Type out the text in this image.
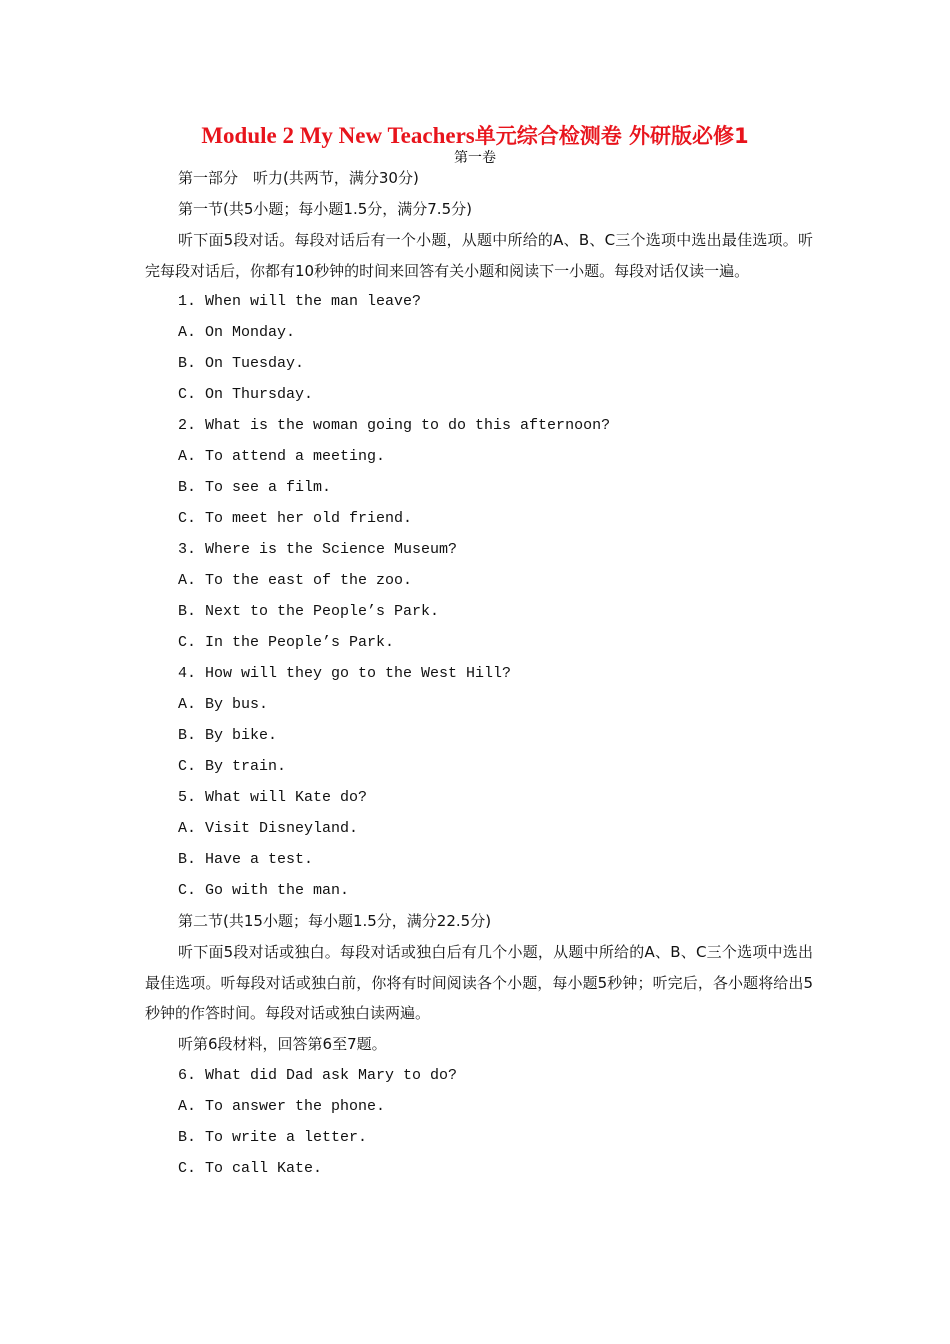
Module 2 My New Teachers单元综合检测卷 外研版必修1
第一卷
第一部分　听力(共两节，满分30分)
第一节(共5小题；每小题1.5分，满分7.5分)
听下面5段对话。每段对话后有一个小题，从题中所给的A、B、C三个选项中选出最佳选项。听完每段对话后，你都有10秒钟的时间来回答有关小题和阅读下一小题。每段对话仅读一遍。
1. When will the man leave?
A. On Monday.
B. On Tuesday.
C. On Thursday.
2. What is the woman going to do this afternoon?
A. To attend a meeting.
B. To see a film.
C. To meet her old friend.
3. Where is the Science Museum?
A. To the east of the zoo.
B. Next to the People’s Park.
C. In the People’s Park.
4. How will they go to the West Hill?
A. By bus.
B. By bike.
C. By train.
5. What will Kate do?
A. Visit Disneyland.
B. Have a test.
C. Go with the man.
第二节(共15小题；每小题1.5分，满分22.5分)
听下面5段对话或独白。每段对话或独白后有几个小题，从题中所给的A、B、C三个选项中选出最佳选项。听每段对话或独白前，你将有时间阅读各个小题，每小题5秒钟；听完后，各小题将给出5秒钟的作答时间。每段对话或独白读两遍。
听第6段材料，回答第6至7题。
6. What did Dad ask Mary to do?
A. To answer the phone.
B. To write a letter.
C. To call Kate.
